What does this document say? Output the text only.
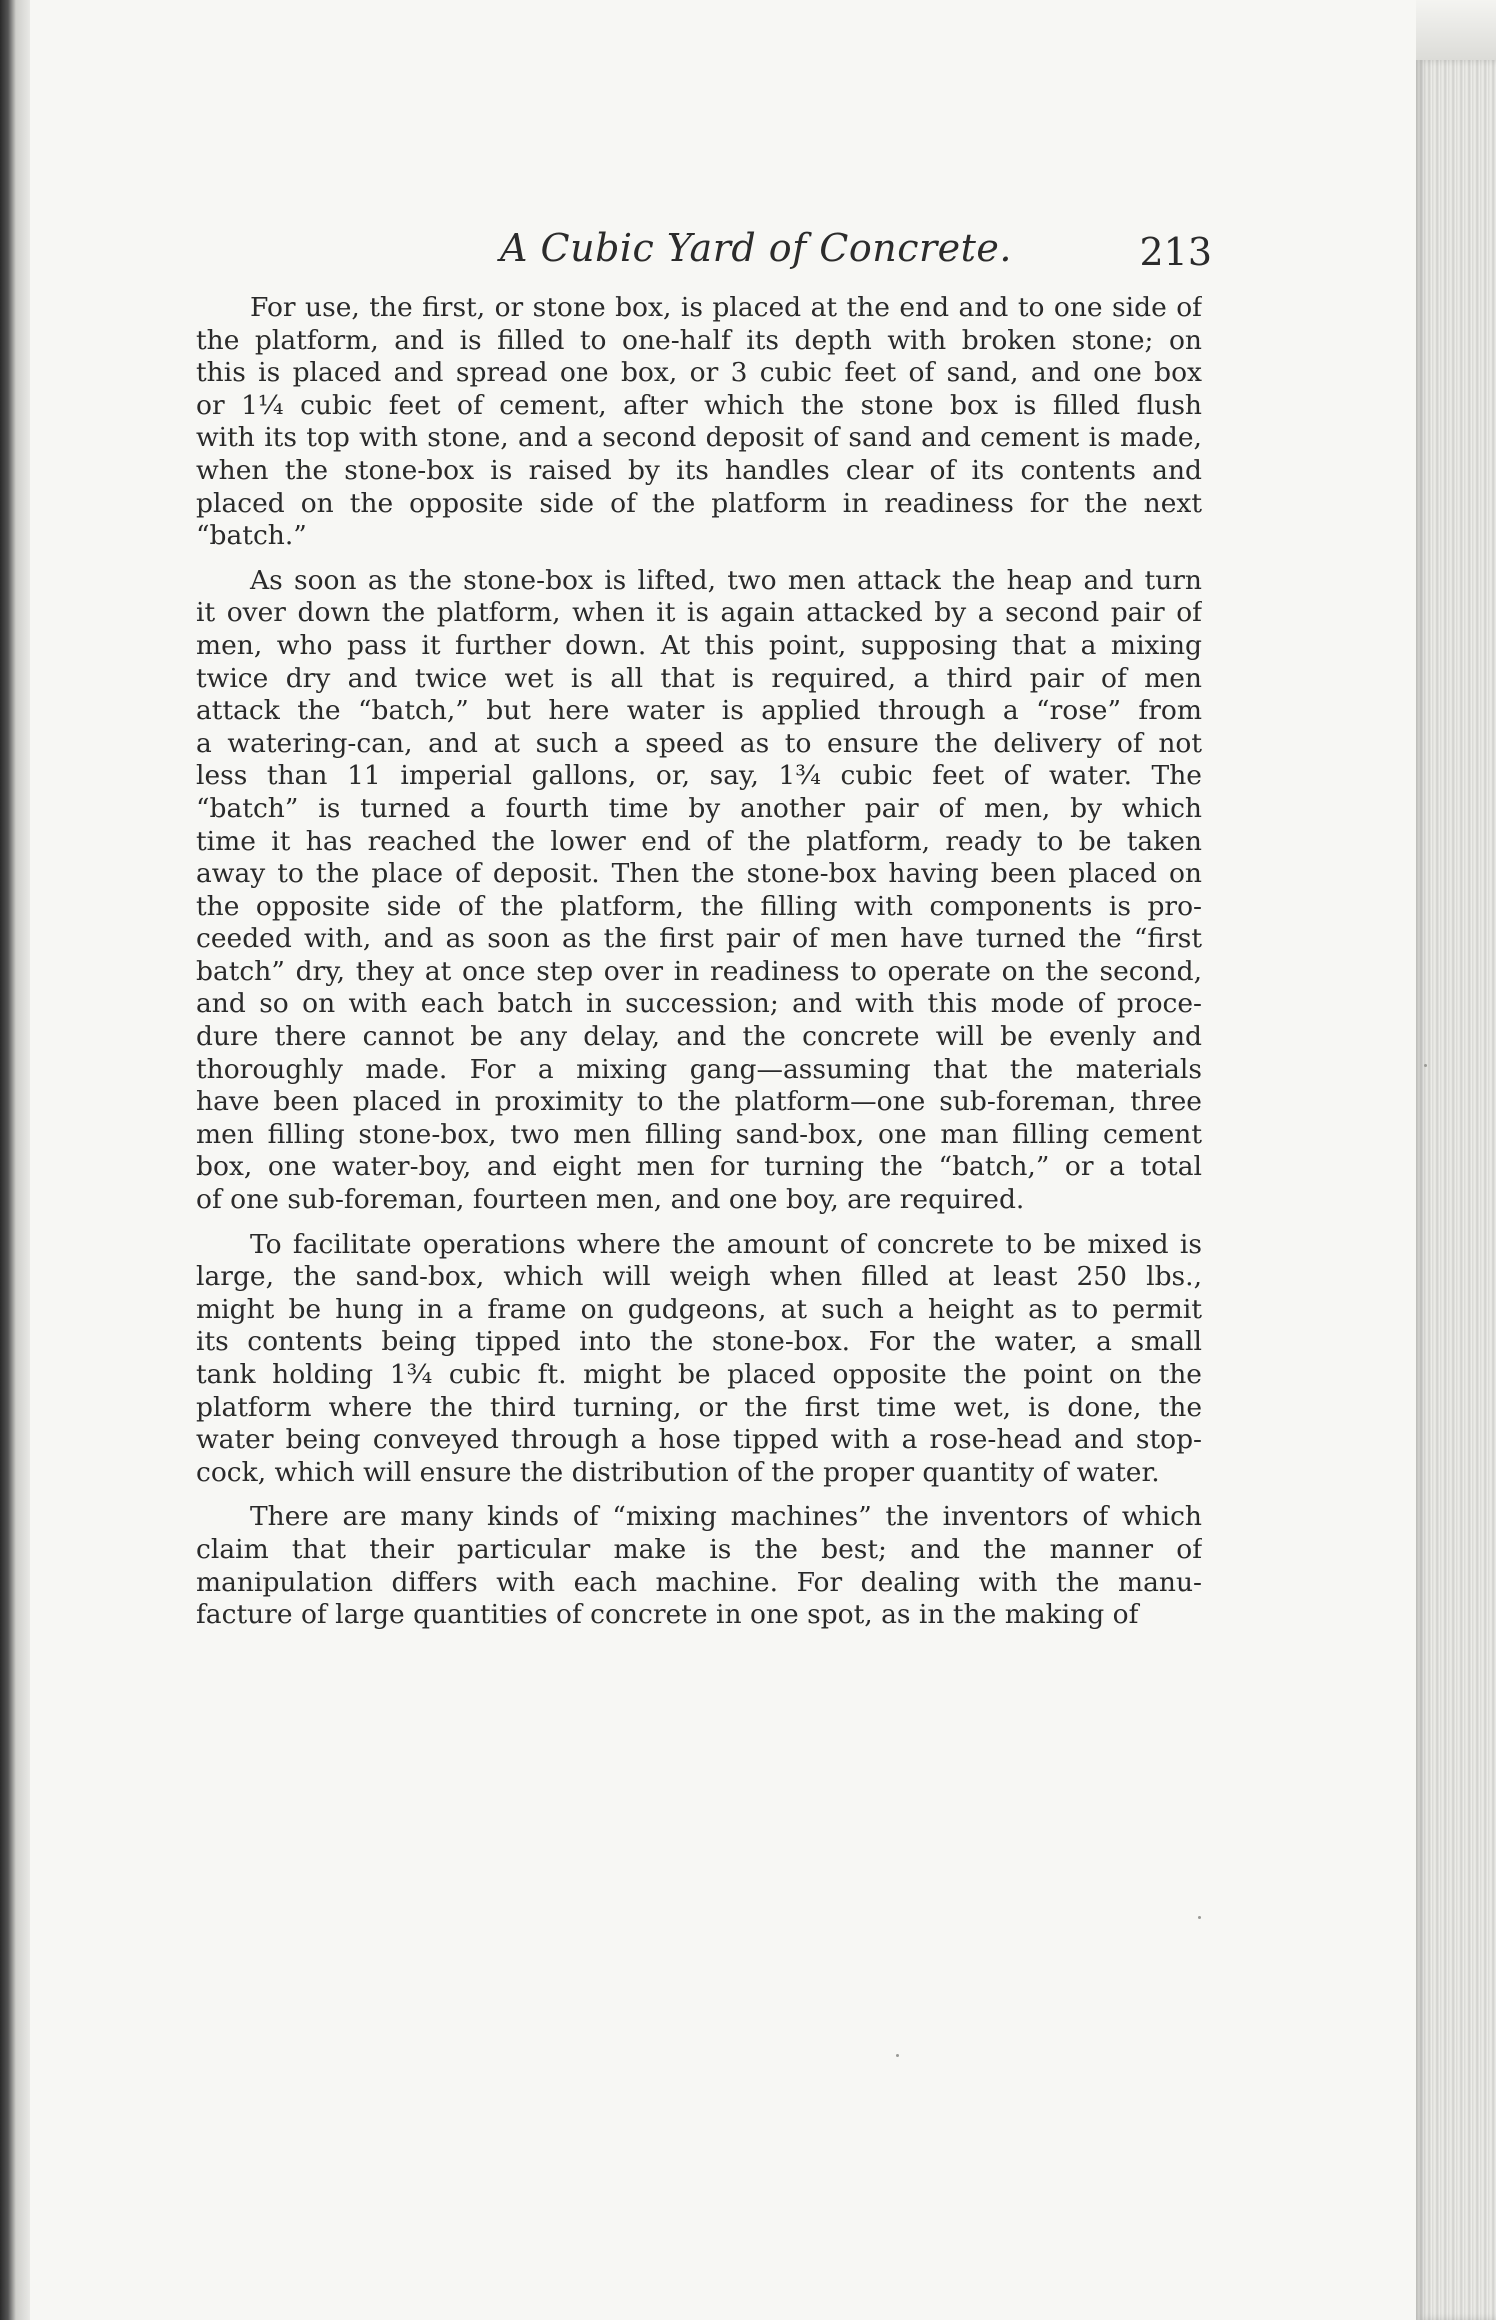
A Cubic Yard of Concrete.	213
For use, the first, or stone box, is placed at the end and to one side of
the platform, and is filled to one-half its depth with broken stone; on
this is placed and spread one box, or 3 cubic feet of sand, and one box
or 1¼ cubic feet of cement, after which the stone box is filled flush
with its top with stone, and a second deposit of sand and cement is made,
when the stone-box is raised by its handles clear of its contents and
placed on the opposite side of the platform in readiness for the next
“batch.”
As soon as the stone-box is lifted, two men attack the heap and turn
it over down the platform, when it is again attacked by a second pair of
men, who pass it further down. At this point, supposing that a mixing
twice dry and twice wet is all that is required, a third pair of men
attack the “batch,” but here water is applied through a “rose” from
a watering-can, and at such a speed as to ensure the delivery of not
less than 11 imperial gallons, or, say, 1¾ cubic feet of water. The
“batch” is turned a fourth time by another pair of men, by which
time it has reached the lower end of the platform, ready to be taken
away to the place of deposit. Then the stone-box having been placed on
the opposite side of the platform, the filling with components is pro-
ceeded with, and as soon as the first pair of men have turned the “first
batch” dry, they at once step over in readiness to operate on the second,
and so on with each batch in succession; and with this mode of proce-
dure there cannot be any delay, and the concrete will be evenly and
thoroughly made. For a mixing gang—assuming that the materials
have been placed in proximity to the platform—one sub-foreman, three
men filling stone-box, two men filling sand-box, one man filling cement
box, one water-boy, and eight men for turning the “batch,” or a total
of one sub-foreman, fourteen men, and one boy, are required.
To facilitate operations where the amount of concrete to be mixed is
large, the sand-box, which will weigh when filled at least 250 lbs.,
might be hung in a frame on gudgeons, at such a height as to permit
its contents being tipped into the stone-box. For the water, a small
tank holding 1¾ cubic ft. might be placed opposite the point on the
platform where the third turning, or the first time wet, is done, the
water being conveyed through a hose tipped with a rose-head and stop-
cock, which will ensure the distribution of the proper quantity of water.
There are many kinds of “mixing machines” the inventors of which
claim that their particular make is the best; and the manner of
manipulation differs with each machine. For dealing with the manu-
facture of large quantities of concrete in one spot, as in the making of
